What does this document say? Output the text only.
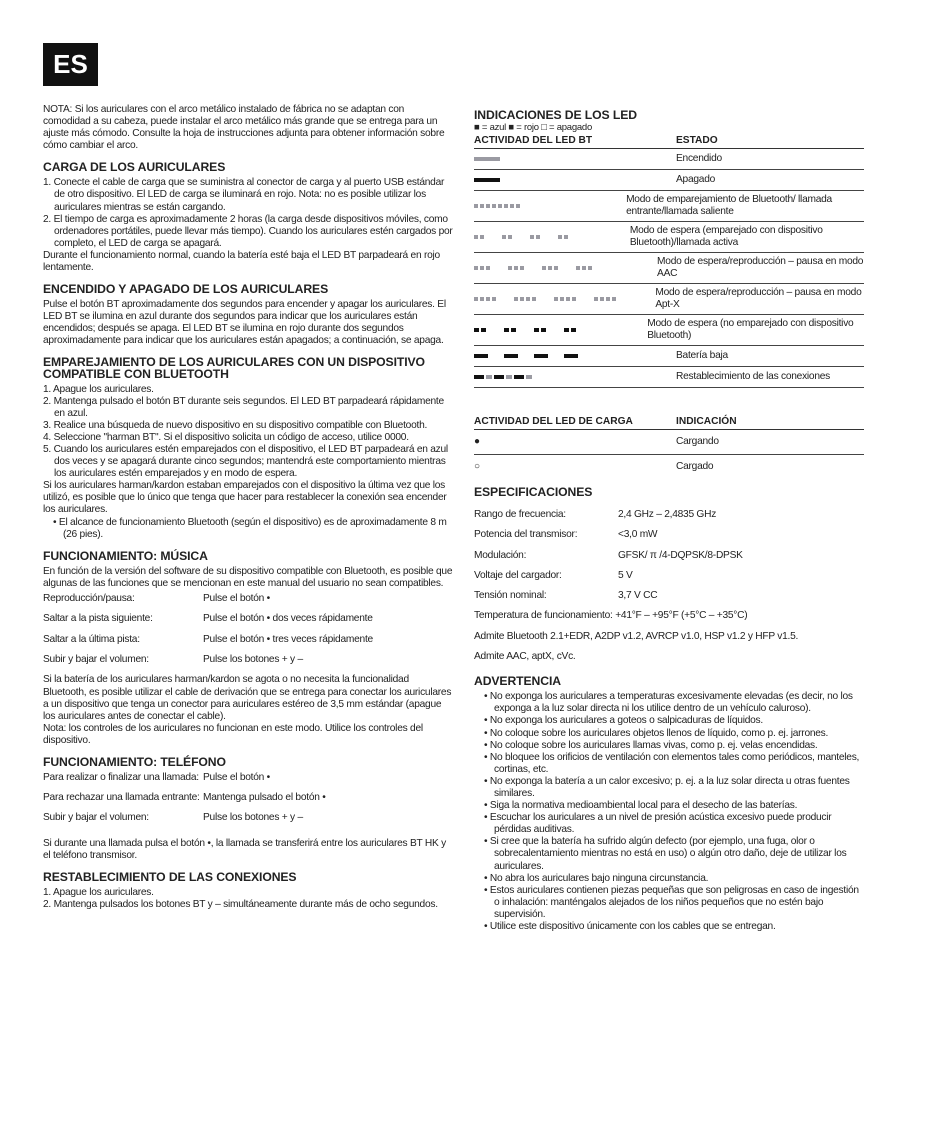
ES

NOTA: Si los auriculares con el arco metálico instalado de fábrica no se adaptan con comodidad a su cabeza, puede instalar el arco metálico más grande que se entrega para un ajuste más cómodo. Consulte la hoja de instrucciones adjunta para obtener información sobre cómo cambiar el arco.

CARGA DE LOS AURICULARES
1. Conecte el cable de carga que se suministra al conector de carga y al puerto USB estándar de otro dispositivo. El LED de carga se iluminará en rojo. Nota: no es posible utilizar los auriculares mientras se están cargando.
2. El tiempo de carga es aproximadamente 2 horas (la carga desde dispositivos móviles, como ordenadores portátiles, puede llevar más tiempo). Cuando los auriculares estén cargados por completo, el LED de carga se apagará.

Durante el funcionamiento normal, cuando la batería esté baja el LED BT parpadeará en rojo lentamente.

ENCENDIDO Y APAGADO DE LOS AURICULARES

Pulse el botón BT aproximadamente dos segundos para encender y apagar los auriculares. El LED BT se ilumina en azul durante dos segundos para indicar que los auriculares están encendidos; después se apaga. El LED BT se ilumina en rojo durante dos segundos aproximadamente para indicar que los auriculares están apagados; a continuación, se apaga.

EMPAREJAMIENTO DE LOS AURICULARES CON UN DISPOSITIVO COMPATIBLE CON BLUETOOTH
1. Apague los auriculares.
2. Mantenga pulsado el botón BT durante seis segundos. El LED BT parpadeará rápidamente en azul.
3. Realice una búsqueda de nuevo dispositivo en su dispositivo compatible con Bluetooth.
4. Seleccione "harman BT". Si el dispositivo solicita un código de acceso, utilice 0000.
5. Cuando los auriculares estén emparejados con el dispositivo, el LED BT parpadeará en azul dos veces y se apagará durante cinco segundos; mantendrá este comportamiento mientras los auriculares estén emparejados y en modo de espera.

Si los auriculares harman/kardon estaban emparejados con el dispositivo la última vez que los utilizó, es posible que lo único que tenga que hacer para restablecer la conexión sea encender los auriculares.

• El alcance de funcionamiento Bluetooth (según el dispositivo) es de aproximadamente 8 m (26 pies).
FUNCIONAMIENTO: MÚSICA

En función de la versión del software de su dispositivo compatible con Bluetooth, es posible que algunas de las funciones que se mencionan en este manual del usuario no sean compatibles.

Reproducción/pausa:	Pulse el botón •
Saltar a la pista siguiente:	Pulse el botón • dos veces rápidamente
Saltar a la última pista:	Pulse el botón • tres veces rápidamente
Subir y bajar el volumen:	Pulse los botones + y –

Si la batería de los auriculares harman/kardon se agota o no necesita la funcionalidad Bluetooth, es posible utilizar el cable de derivación que se entrega para conectar los auriculares a un dispositivo que tenga un conector para auriculares estéreo de 3,5 mm estándar (apague los auriculares antes de conectar el cable).

Nota: los controles de los auriculares no funcionan en este modo. Utilice los controles del dispositivo.

FUNCIONAMIENTO: TELÉFONO
Para realizar o finalizar una llamada: Pulse el botón •
Para rechazar una llamada entrante: Mantenga pulsado el botón •
Subir y bajar el volumen:	Pulse los botones + y –

Si durante una llamada pulsa el botón •, la llamada se transferirá entre los auriculares BT HK y el teléfono transmisor.

RESTABLECIMIENTO DE LAS CONEXIONES
1. Apague los auriculares.
2. Mantenga pulsados los botones BT y – simultáneamente durante más de ocho segundos.
INDICACIONES DE LOS LED

■ = azul ■ = rojo □ = apagado

ACTIVIDAD DEL LED BT	ESTADO
Encendido
Apagado
Modo de emparejamiento de Bluetooth/ llamada entrante/llamada saliente
Modo de espera (emparejado con dispositivo Bluetooth)/llamada activa
Modo de espera/reproducción – pausa en modo AAC
Modo de espera/reproducción – pausa en modo Apt-X
Modo de espera (no emparejado con dispositivo Bluetooth)
Batería baja
Restablecimiento de las conexiones
ACTIVIDAD DEL LED DE CARGA	INDICACIÓN
●	Cargando
○	Cargado
ESPECIFICACIONES
Rango de frecuencia:	2,4 GHz – 2,4835 GHz
Potencia del transmisor:	<3,0 mW
Modulación:	GFSK/ π /4-DQPSK/8-DPSK
Voltaje del cargador:	5 V
Tensión nominal:	3,7 V CC
Temperatura de funcionamiento:
+41°F – +95°F (+5°C – +35°C)

Admite Bluetooth 2.1+EDR, A2DP v1.2, AVRCP v1.0, HSP v1.2 y HFP v1.5.

Admite AAC, aptX, cVc.

ADVERTENCIA
• No exponga los auriculares a temperaturas excesivamente elevadas (es decir, no los exponga a la luz solar directa ni los utilice dentro de un vehículo caluroso).
• No exponga los auriculares a goteos o salpicaduras de líquidos.
• No coloque sobre los auriculares objetos llenos de líquido, como p. ej. jarrones.
• No coloque sobre los auriculares llamas vivas, como p. ej. velas encendidas.
• No bloquee los orificios de ventilación con elementos tales como periódicos, manteles, cortinas, etc.
• No exponga la batería a un calor excesivo; p. ej. a la luz solar directa u otras fuentes similares.
• Siga la normativa medioambiental local para el desecho de las baterías.
• Escuchar los auriculares a un nivel de presión acústica excesivo puede producir pérdidas auditivas.
• Si cree que la batería ha sufrido algún defecto (por ejemplo, una fuga, olor o sobrecalentamiento mientras no está en uso) o algún otro daño, deje de utilizar los auriculares.
• No abra los auriculares bajo ninguna circunstancia.
• Estos auriculares contienen piezas pequeñas que son peligrosas en caso de ingestión o inhalación: manténgalos alejados de los niños pequeños que no estén bajo supervisión.
• Utilice este dispositivo únicamente con los cables que se entregan.
